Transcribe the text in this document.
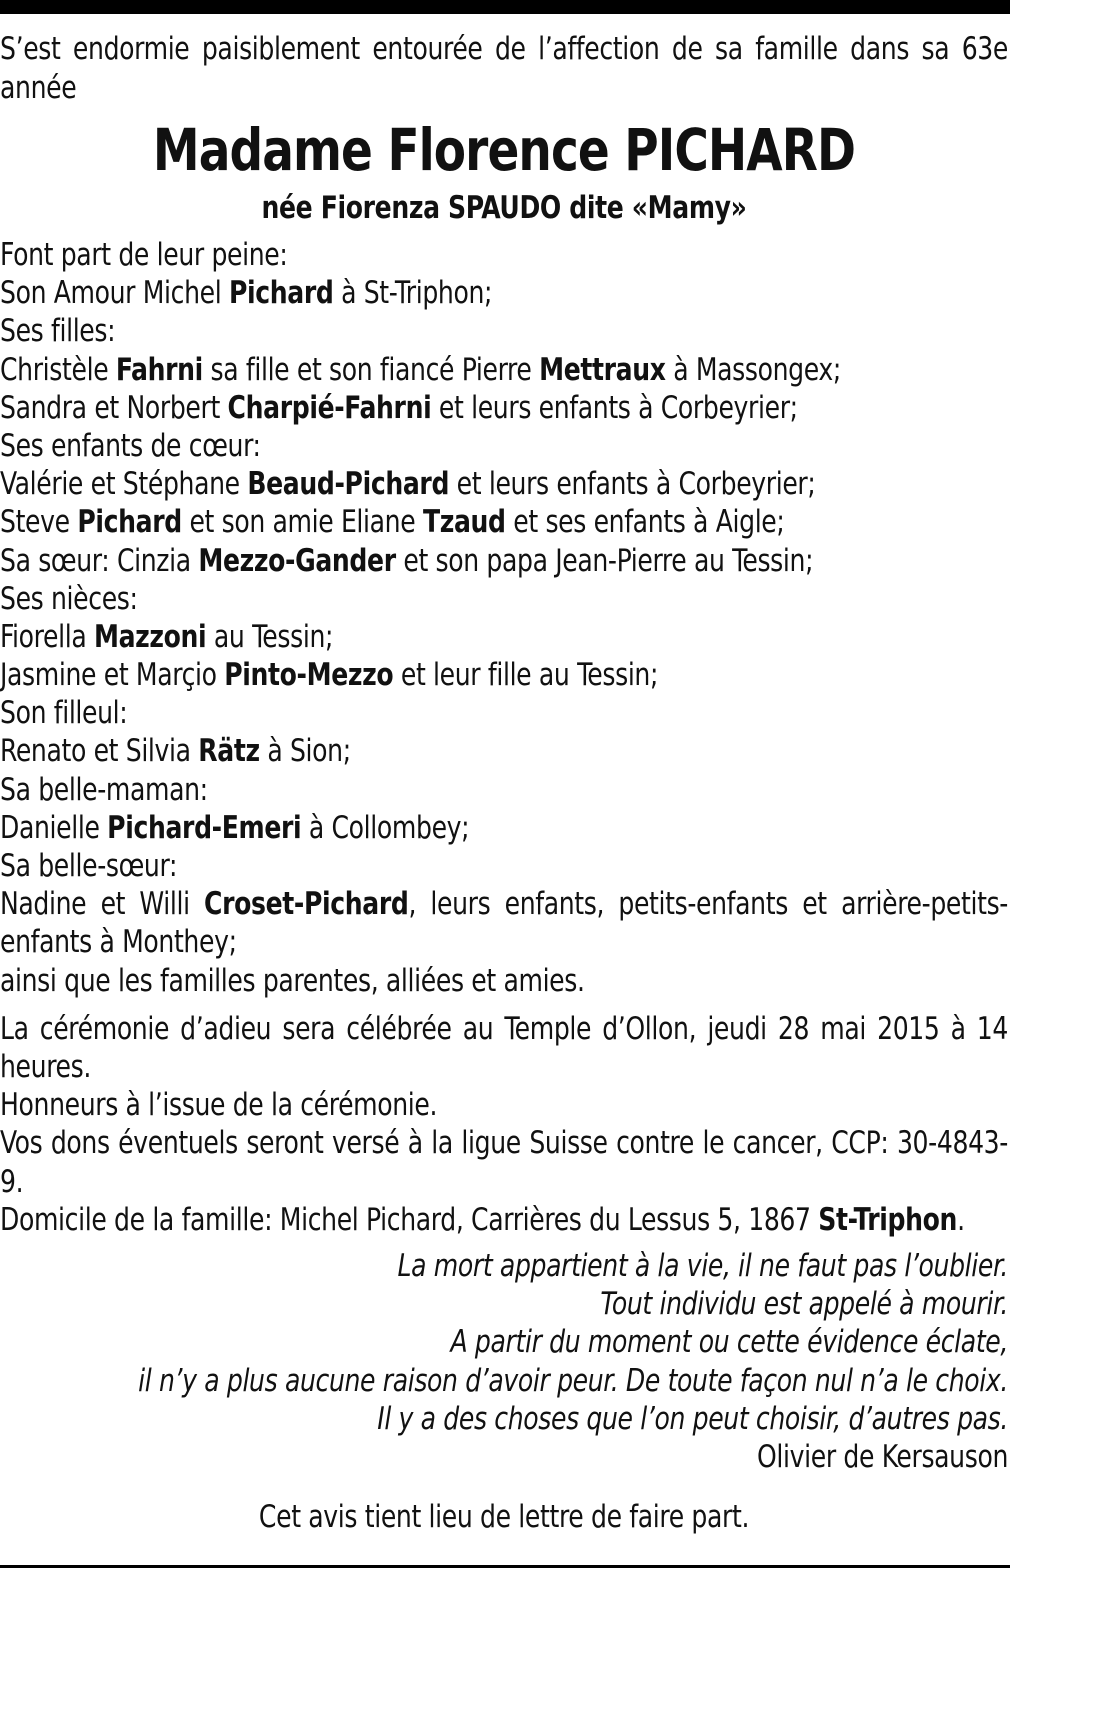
S’est endormie paisiblement entourée de l’affection de sa famille dans sa 63e année

Madame Florence PICHARD
née Fiorenza SPAUDO dite «Mamy»

Font part de leur peine:

Son Amour Michel Pichard à St-Triphon;

Ses filles:

Christèle Fahrni sa fille et son fiancé Pierre Mettraux à Massongex;

Sandra et Norbert Charpié-Fahrni et leurs enfants à Corbeyrier;

Ses enfants de cœur:

Valérie et Stéphane Beaud-Pichard et leurs enfants à Corbeyrier;

Steve Pichard et son amie Eliane Tzaud et ses enfants à Aigle;

Sa sœur: Cinzia Mezzo-Gander et son papa Jean-Pierre au Tessin;

Ses nièces:

Fiorella Mazzoni au Tessin;

Jasmine et Marçio Pinto-Mezzo et leur fille au Tessin;

Son filleul:

Renato et Silvia Rätz à Sion;

Sa belle-maman:

Danielle Pichard-Emeri à Collombey;

Sa belle-sœur:

Nadine et Willi Croset-Pichard, leurs enfants, petits-enfants et arrière-petits-enfants à Monthey;

ainsi que les familles parentes, alliées et amies.

La cérémonie d’adieu sera célébrée au Temple d’Ollon, jeudi 28 mai 2015 à 14 heures.

Honneurs à l’issue de la cérémonie.

Vos dons éventuels seront versé à la ligue Suisse contre le cancer, CCP: 30-4843-9.

Domicile de la famille: Michel Pichard, Carrières du Lessus 5, 1867 St-Triphon.

La mort appartient à la vie, il ne faut pas l’oublier.

Tout individu est appelé à mourir.

A partir du moment ou cette évidence éclate,

il n’y a plus aucune raison d’avoir peur. De toute façon nul n’a le choix.

Il y a des choses que l’on peut choisir, d’autres pas.

Olivier de Kersauson

Cet avis tient lieu de lettre de faire part.
